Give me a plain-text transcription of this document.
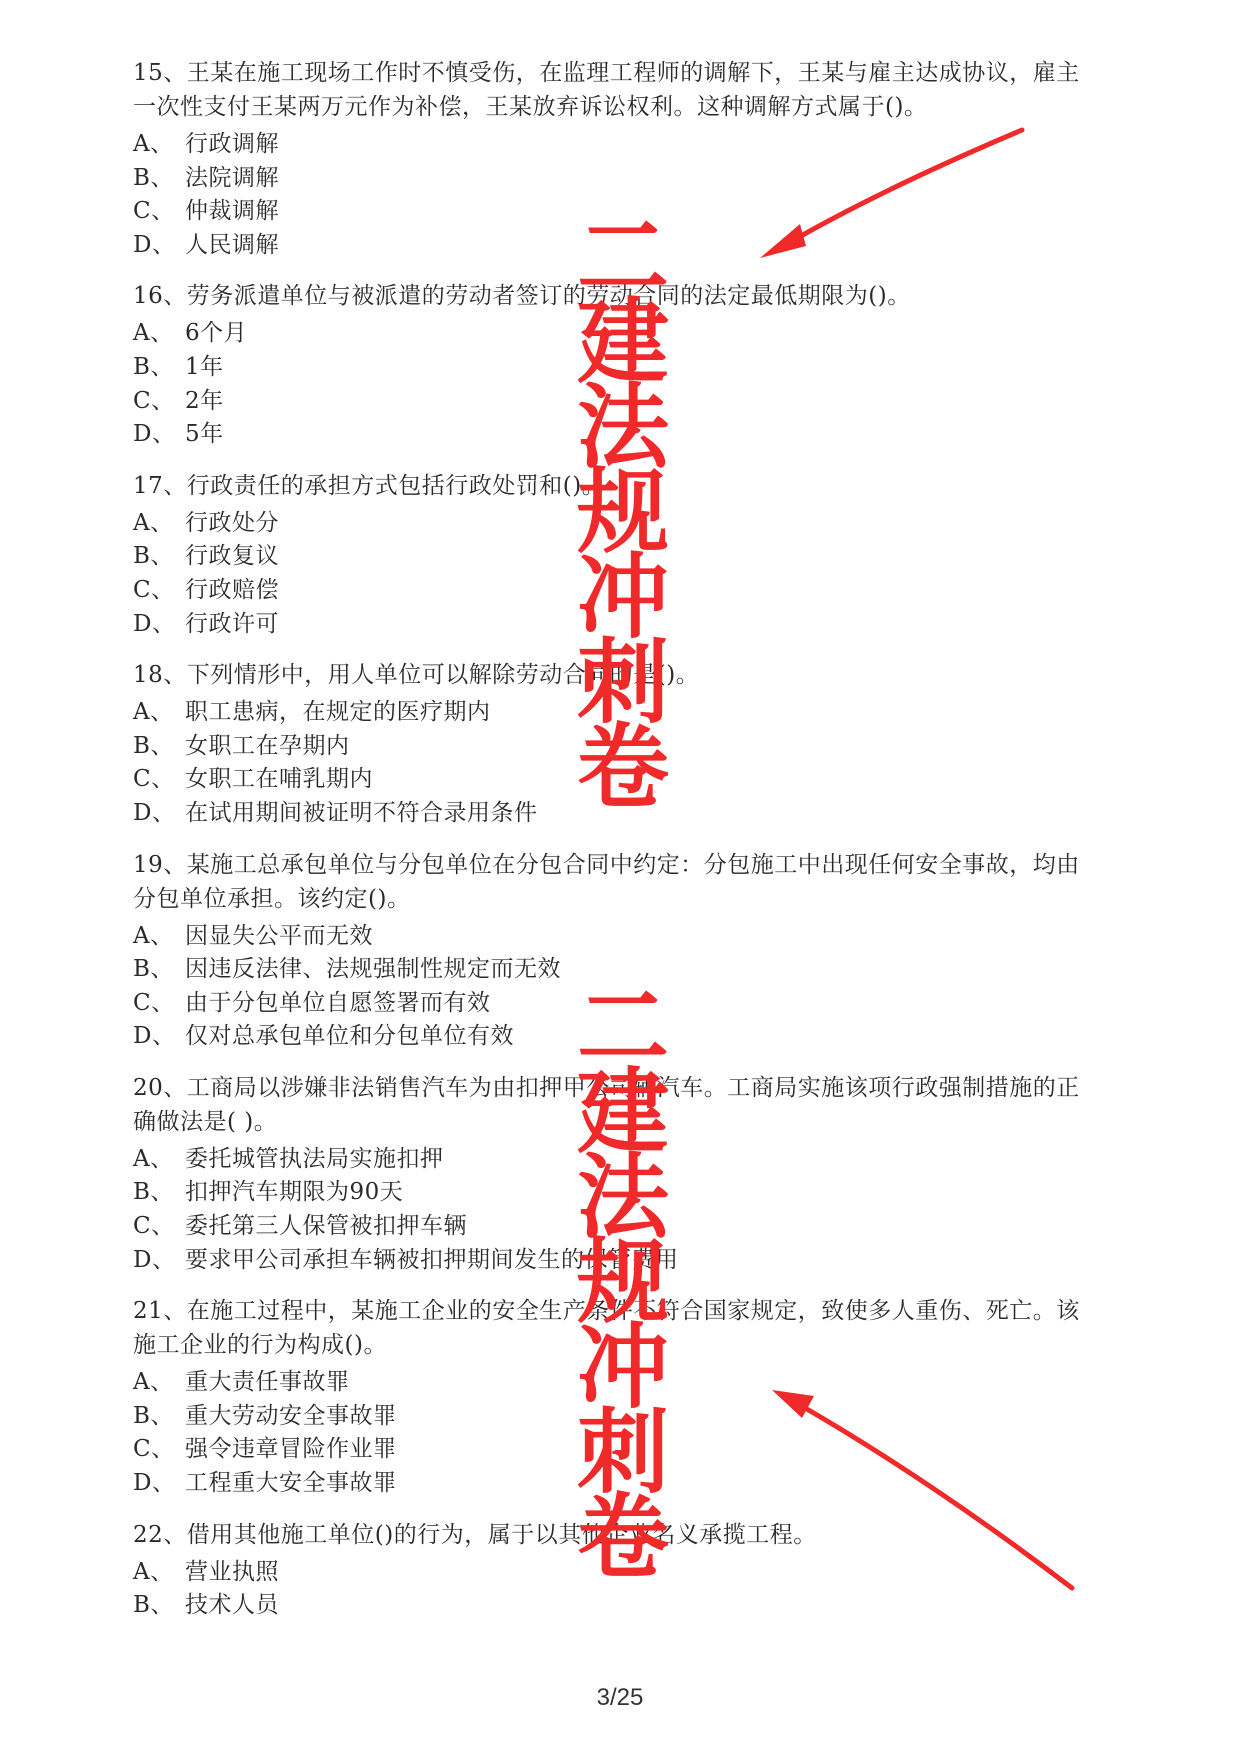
15、王某在施工现场工作时不慎受伤，在监理工程师的调解下，王某与雇主达成协议，雇主一次性支付王某两万元作为补偿，王某放弃诉讼权利。这种调解方式属于()。

A、 行政调解
B、 法院调解
C、 仲裁调解
D、 人民调解

16、劳务派遣单位与被派遣的劳动者签订的劳动合同的法定最低期限为()。

A、 6个月
B、 1年
C、 2年
D、 5年

17、行政责任的承担方式包括行政处罚和()。

A、 行政处分
B、 行政复议
C、 行政赔偿
D、 行政许可

18、下列情形中，用人单位可以解除劳动合同的是()。

A、 职工患病，在规定的医疗期内
B、 女职工在孕期内
C、 女职工在哺乳期内
D、 在试用期间被证明不符合录用条件

19、某施工总承包单位与分包单位在分包合同中约定：分包施工中出现任何安全事故，均由分包单位承担。该约定()。

A、 因显失公平而无效
B、 因违反法律、法规强制性规定而无效
C、 由于分包单位自愿签署而有效
D、 仅对总承包单位和分包单位有效

20、工商局以涉嫌非法销售汽车为由扣押甲公司辆汽车。工商局实施该项行政强制措施的正确做法是( )。

A、 委托城管执法局实施扣押
B、 扣押汽车期限为90天
C、 委托第三人保管被扣押车辆
D、 要求甲公司承担车辆被扣押期间发生的保管费用

21、在施工过程中，某施工企业的安全生产条件不符合国家规定，致使多人重伤、死亡。该施工企业的行为构成()。

A、 重大责任事故罪
B、 重大劳动安全事故罪
C、 强令违章冒险作业罪
D、 工程重大安全事故罪

22、借用其他施工单位()的行为，属于以其他企业名义承揽工程。

A、 营业执照
B、 技术人员
二
建
法
规
冲
刺
卷
二
建
法
规
冲
刺
卷
3/25
